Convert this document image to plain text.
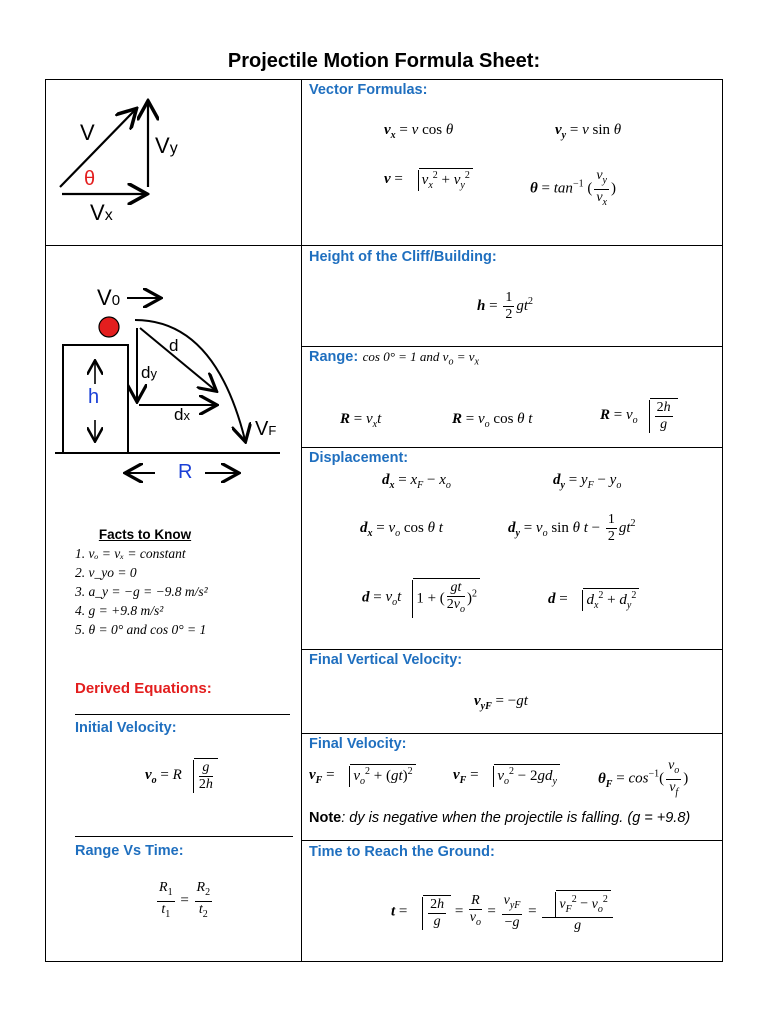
Projectile Motion Formula Sheet:
V
Vy
θ
Vx
V0
d
dy
h
dx
VF
R
Facts to Know
1. vₒ = vₓ = constant
2. v_yo = 0
3. a_y = −g = −9.8 m/s²
4. g = +9.8 m/s²
5. θ = 0° and cos 0° = 1
Derived Equations:
Initial Velocity:
$v_o = R \frac{g}{2h}$
Range Vs Time:
$\frac{R_1}{t_1} = \frac{R_2}{t_2}$
Vector Formulas:
$v_x = v$ cos θ	$v_y = v$ sin θ
$v = v_x^2 + v_y^2$
$\theta = \tan^{-1}$ ( $\frac{v_y}{v_x}$ )
Height of the Cliff/Building:
$h = \frac{1}{2} gt^2$
Range: cos 0° = 1 and $v_o = v_x$
$R = v_xt$	$R = v_o$ cos θ t	$R = v_o \frac{2h}{g}$
Displacement:
$d_x = x_F - x_o$	$d_y = y_F - y_o$
$d_x = v_o$ cos θ t	$d_y = v_o$ sin θ $t - \frac{1}{2} gt^2$
$d = v_ot$ 1 + ( $\frac{gt}{2v_o} )^2$	$d = d_x^2 + d_y^2$
Final Vertical Velocity:
$v_{yF} = -gt$
Final Velocity:
$v_F = v_o^2 + (gt)^2$	$v_F = v_o^2 - 2gd_y$	$\theta_F = \cos^{-1}( \frac{v_o}{v_f}$ )
Note: dy is negative when the projectile is falling. (g = +9.8)
Time to Reach the Ground:
$t = \frac{2h}{g} = \frac{R}{v_o} = \frac{v_{yF}}{-g} = \frac{v_F^2 - v_o^2}{g}$
